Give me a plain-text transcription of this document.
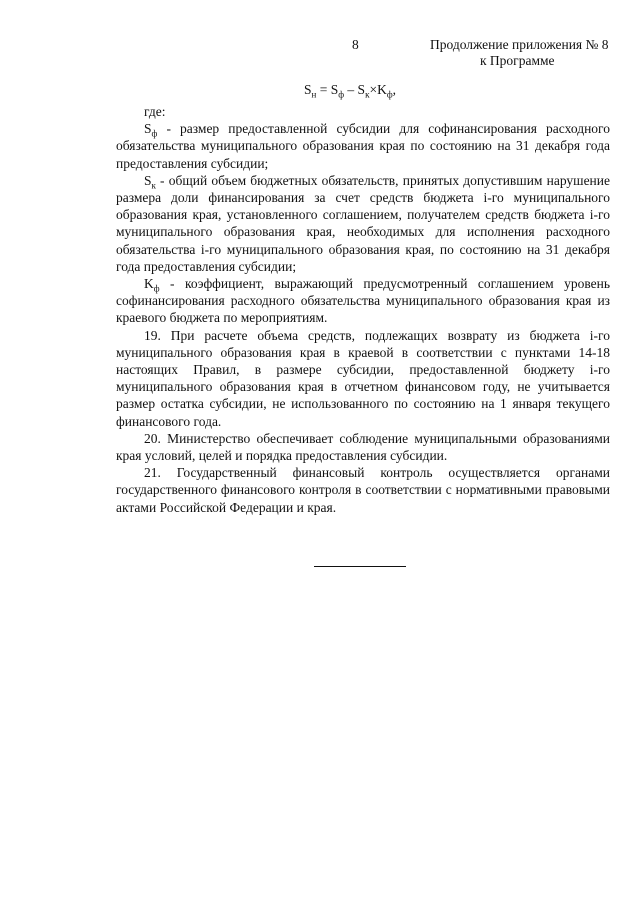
8	Продолжение приложения № 8
к Программе
$S_н = S_ф - S_к\times K_ф$,

где:

$S_ф$ - размер предоставленной субсидии для софинансирования расходного обязательства муниципального образования края по состоянию на 31 декабря года предоставления субсидии;

$S_к$ - общий объем бюджетных обязательств, принятых допустившим нарушение размера доли финансирования за счет средств бюджета i-го муниципального образования края, установленного соглашением, получателем средств бюджета i-го муниципального образования края, необходимых для исполнения расходного обязательства i-го муниципального образования края, по состоянию на 31 декабря года предоставления субсидии;

$K_ф$ - коэффициент, выражающий предусмотренный соглашением уровень софинансирования расходного обязательства муниципального образования края из краевого бюджета по мероприятиям.

19. При расчете объема средств, подлежащих возврату из бюджета i-го муниципального образования края в краевой в соответствии с пунктами 14-18 настоящих Правил, в размере субсидии, предоставленной бюджету i-го муниципального образования края в отчетном финансовом году, не учитывается размер остатка субсидии, не использованного по состоянию на 1 января текущего финансового года.

20. Министерство обеспечивает соблюдение муниципальными образованиями края условий, целей и порядка предоставления субсидии.

21. Государственный финансовый контроль осуществляется органами государственного финансового контроля в соответствии с нормативными правовыми актами Российской Федерации и края.
